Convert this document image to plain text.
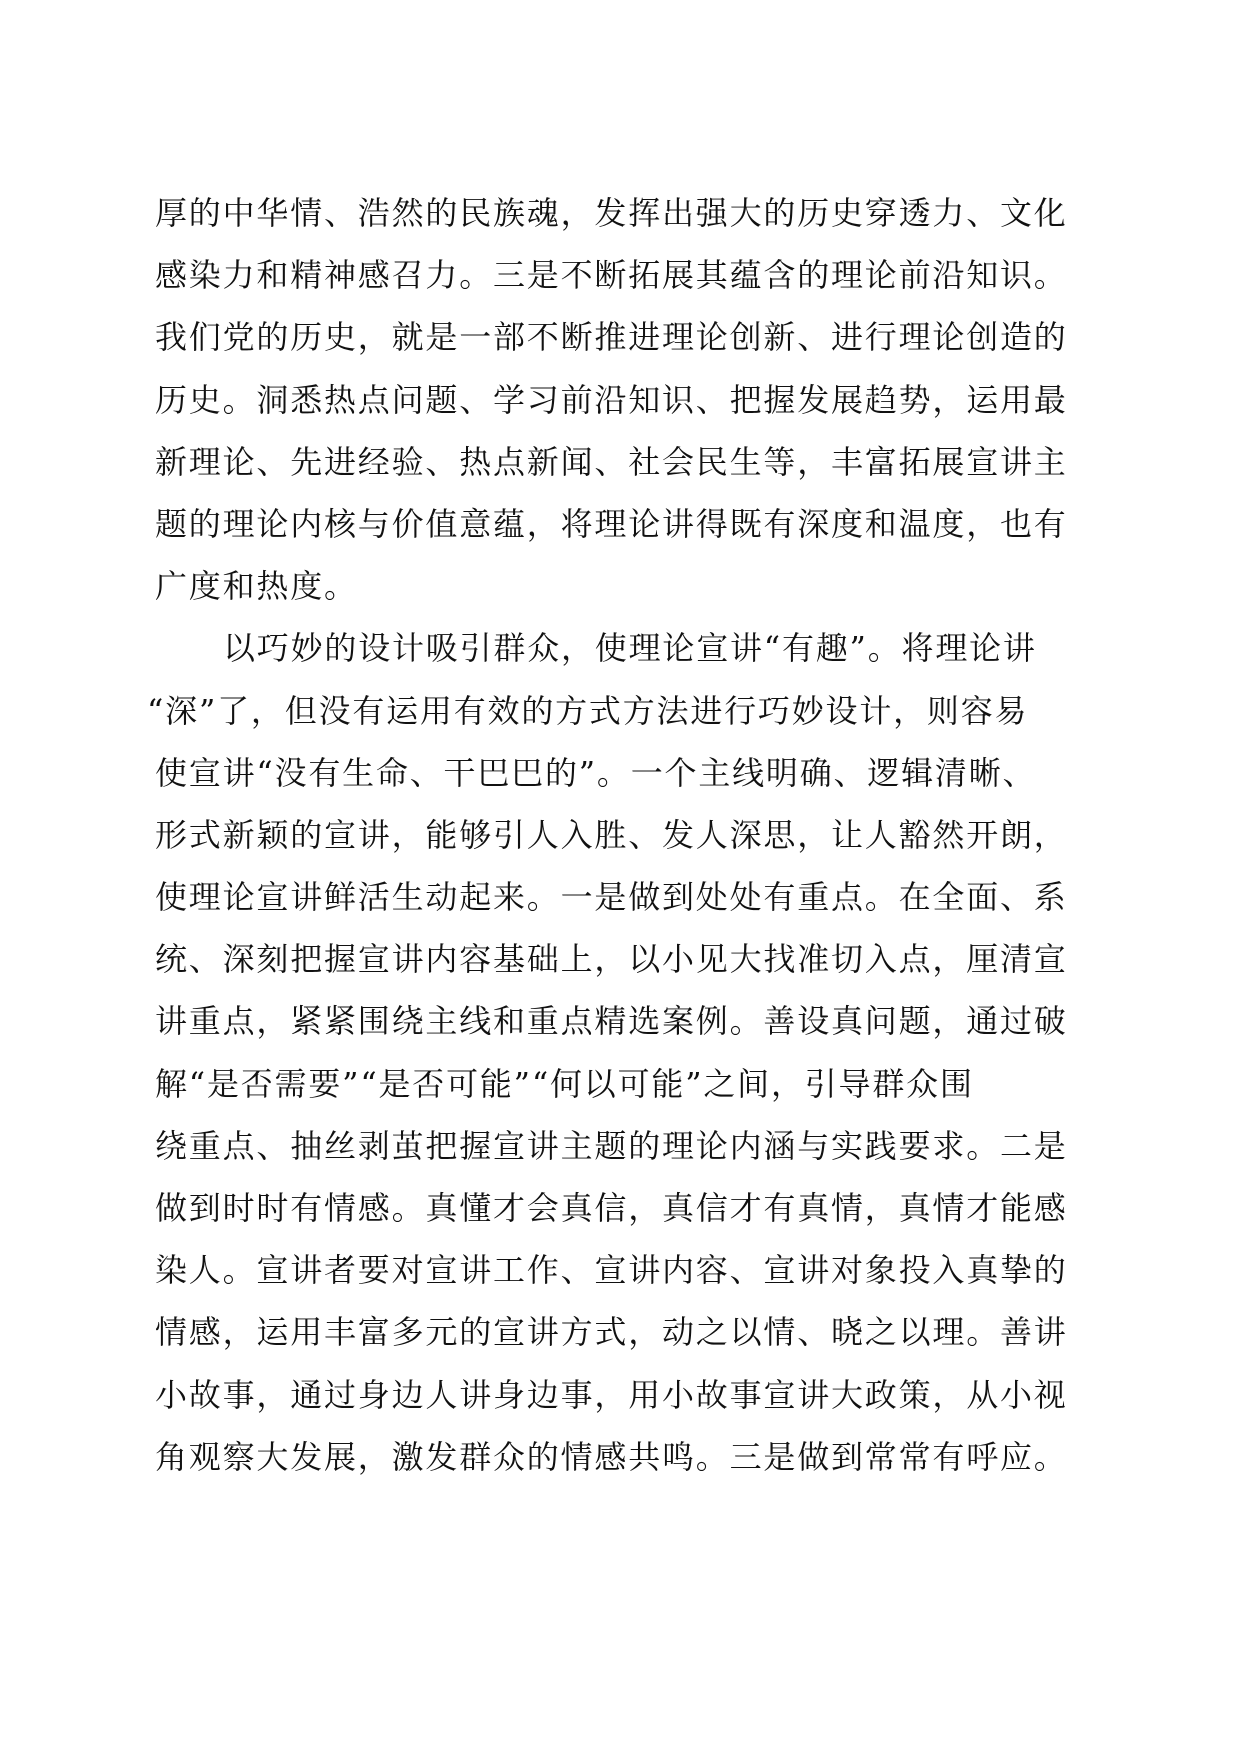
厚的中华情、浩然的民族魂，发挥出强大的历史穿透力、文化
感染力和精神感召力。三是不断拓展其蕴含的理论前沿知识。
我们党的历史，就是一部不断推进理论创新、进行理论创造的
历史。洞悉热点问题、学习前沿知识、把握发展趋势，运用最
新理论、先进经验、热点新闻、社会民生等，丰富拓展宣讲主
题的理论内核与价值意蕴，将理论讲得既有深度和温度，也有
广度和热度。
以巧妙的设计吸引群众，使理论宣讲“有趣”。将理论讲
“深”了，但没有运用有效的方式方法进行巧妙设计，则容易
使宣讲“没有生命、干巴巴的”。一个主线明确、逻辑清晰、
形式新颖的宣讲，能够引人入胜、发人深思，让人豁然开朗，
使理论宣讲鲜活生动起来。一是做到处处有重点。在全面、系
统、深刻把握宣讲内容基础上，以小见大找准切入点，厘清宣
讲重点，紧紧围绕主线和重点精选案例。善设真问题，通过破
解“是否需要”“是否可能”“何以可能”之间，引导群众围
绕重点、抽丝剥茧把握宣讲主题的理论内涵与实践要求。二是
做到时时有情感。真懂才会真信，真信才有真情，真情才能感
染人。宣讲者要对宣讲工作、宣讲内容、宣讲对象投入真挚的
情感，运用丰富多元的宣讲方式，动之以情、晓之以理。善讲
小故事，通过身边人讲身边事，用小故事宣讲大政策，从小视
角观察大发展，激发群众的情感共鸣。三是做到常常有呼应。
